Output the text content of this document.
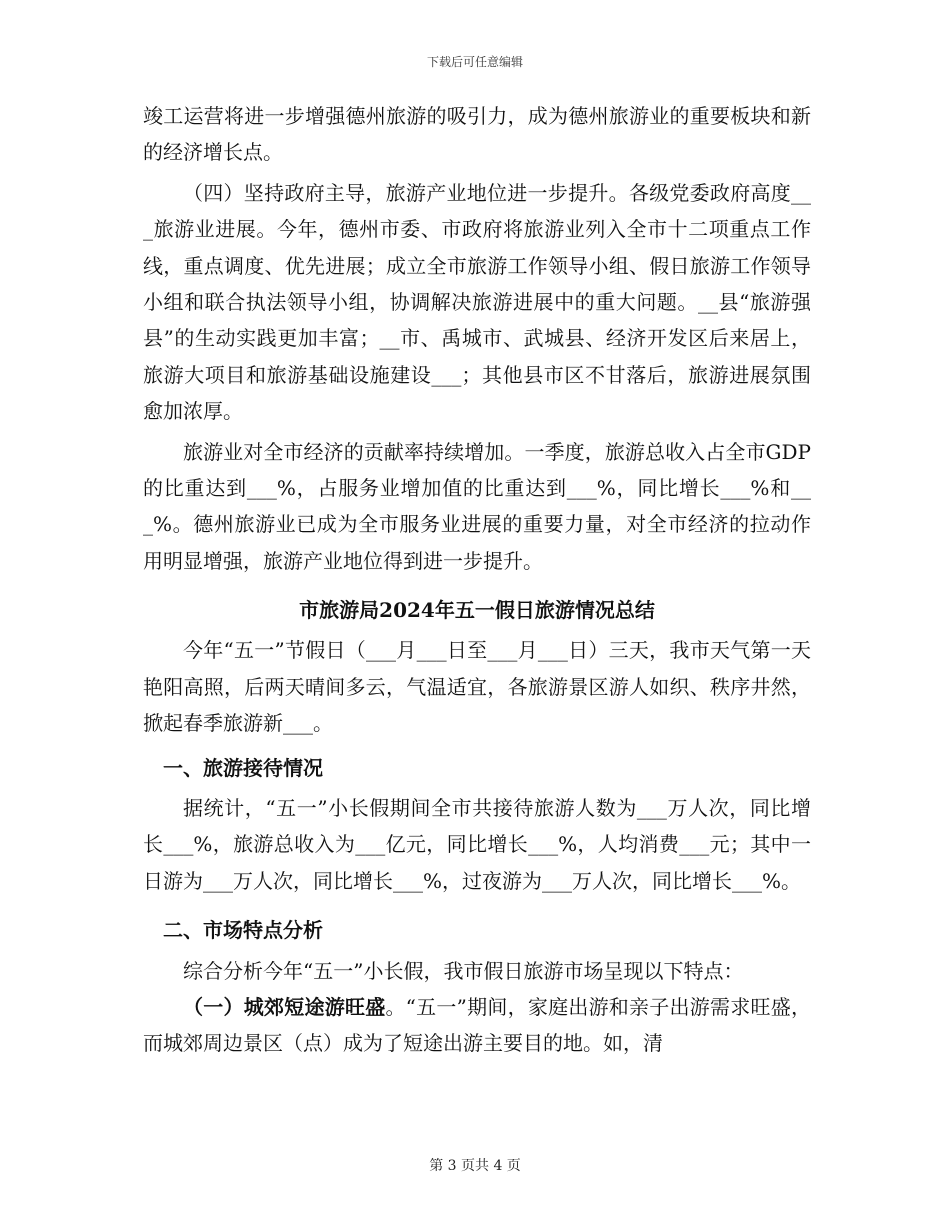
下载后可任意编辑

竣工运营将进一步增强德州旅游的吸引力，成为德州旅游业的重要板块和新的经济增长点。

（四）坚持政府主导，旅游产业地位进一步提升。各级党委政府高度___旅游业进展。今年，德州市委、市政府将旅游业列入全市十二项重点工作线，重点调度、优先进展；成立全市旅游工作领导小组、假日旅游工作领导小组和联合执法领导小组，协调解决旅游进展中的重大问题。__县“旅游强县”的生动实践更加丰富；__市、禹城市、武城县、经济开发区后来居上，旅游大项目和旅游基础设施建设___；其他县市区不甘落后，旅游进展氛围愈加浓厚。

旅游业对全市经济的贡献率持续增加。一季度，旅游总收入占全市GDP的比重达到___%，占服务业增加值的比重达到___%，同比增长___%和___%。德州旅游业已成为全市服务业进展的重要力量，对全市经济的拉动作用明显增强，旅游产业地位得到进一步提升。

市旅游局2024年五一假日旅游情况总结

今年“五一”节假日（___月___日至___月___日）三天，我市天气第一天艳阳高照，后两天晴间多云，气温适宜，各旅游景区游人如织、秩序井然，掀起春季旅游新___。

一、旅游接待情况

据统计，“五一”小长假期间全市共接待旅游人数为___万人次，同比增长___%，旅游总收入为___亿元，同比增长___%，人均消费___元；其中一日游为___万人次，同比增长___%，过夜游为___万人次，同比增长___%。

二、市场特点分析

综合分析今年“五一”小长假，我市假日旅游市场呈现以下特点：

（一）城郊短途游旺盛。“五一”期间，家庭出游和亲子出游需求旺盛，而城郊周边景区（点）成为了短途出游主要目的地。如，清

第 3 页共 4 页
